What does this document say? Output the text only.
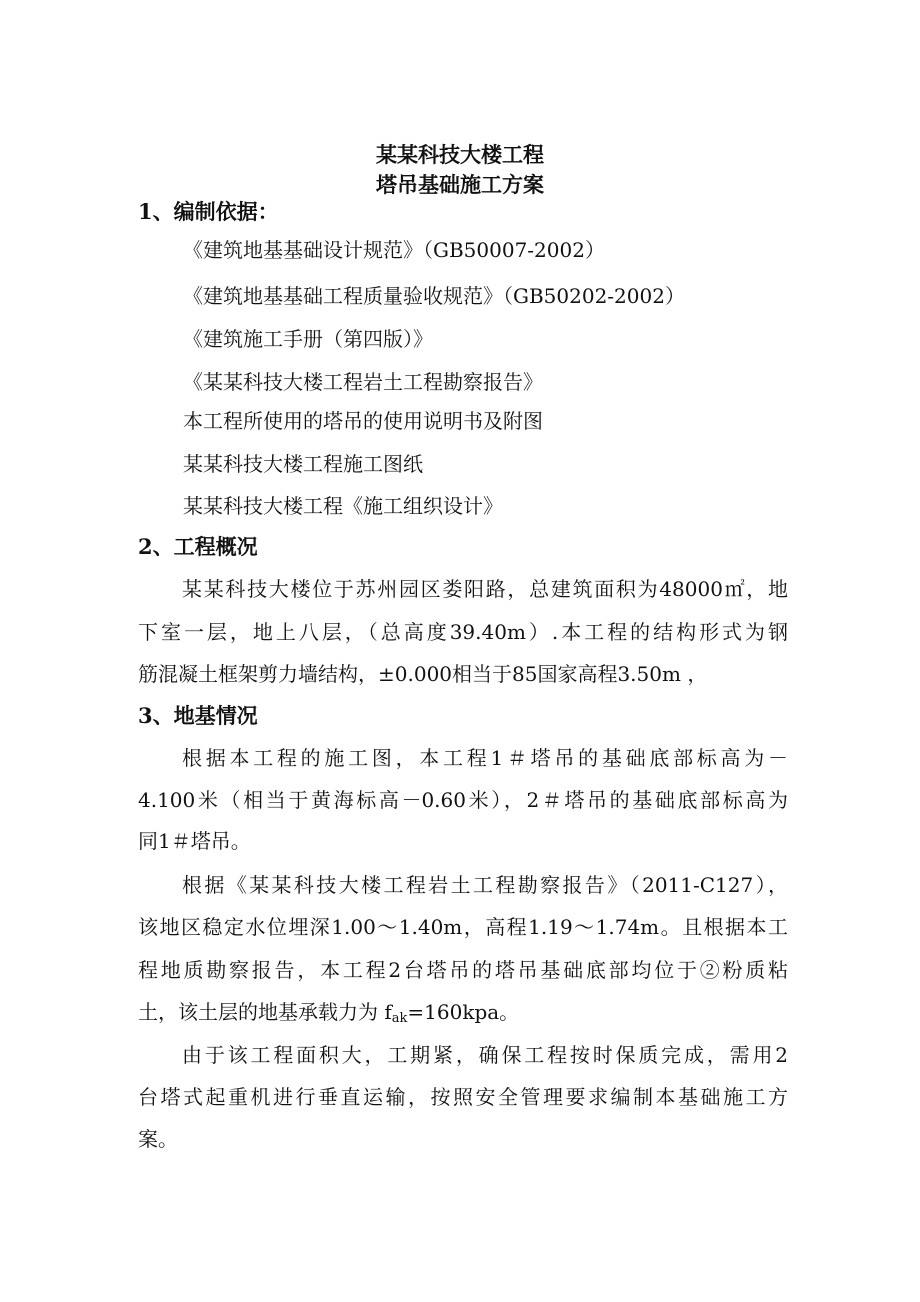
某某科技大楼工程
塔吊基础施工方案
1、编制依据：
《建筑地基基础设计规范》（GB50007-2002）
《建筑地基基础工程质量验收规范》（GB50202-2002）
《建筑施工手册（第四版）》
《某某科技大楼工程岩土工程勘察报告》
本工程所使用的塔吊的使用说明书及附图
某某科技大楼工程施工图纸
某某科技大楼工程《施工组织设计》
2、工程概况
某某科技大楼位于苏州园区娄阳路，总建筑面积为48000㎡，地
下室一层，地上八层，（总高度39.40m）.本工程的结构形式为钢
筋混凝土框架剪力墙结构，±0.000相当于85国家高程3.50m ，
3、地基情况
根据本工程的施工图，本工程1＃塔吊的基础底部标高为－
4.100米（相当于黄海标高－0.60米），2＃塔吊的基础底部标高为
同1＃塔吊。
根据《某某科技大楼工程岩土工程勘察报告》（2011-C127），
该地区稳定水位埋深1.00～1.40m，高程1.19～1.74m。且根据本工
程地质勘察报告，本工程2台塔吊的塔吊基础底部均位于②粉质粘
土，该土层的地基承载力为 $f_{ak}=160kpa$。
由于该工程面积大，工期紧，确保工程按时保质完成，需用2
台塔式起重机进行垂直运输，按照安全管理要求编制本基础施工方
案。
